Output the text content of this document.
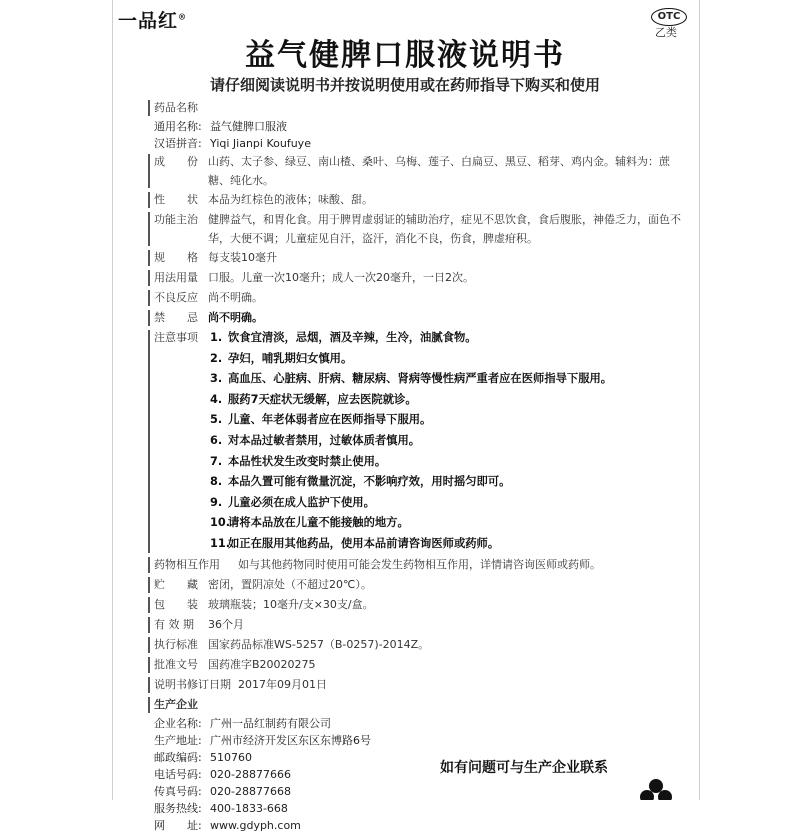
一品红®	OTC
乙类
益气健脾口服液说明书
请仔细阅读说明书并按说明使用或在药师指导下购买和使用
药品名称
通用名称: 益气健脾口服液
汉语拼音: Yiqi Jianpi Koufuye
成　　份 山药、太子参、绿豆、南山楂、桑叶、乌梅、莲子、白扁豆、黑豆、稻芽、鸡内金。辅料为：蔗糖、纯化水。
性　　状 本品为红棕色的液体；味酸、甜。
功能主治 健脾益气，和胃化食。用于脾胃虚弱证的辅助治疗，症见不思饮食，食后腹胀，神倦乏力，面色不华，大便不调；儿童症见自汗，盗汗，消化不良，伤食，脾虚疳积。
规　　格 每支装10毫升
用法用量 口服。儿童一次10毫升；成人一次20毫升，一日2次。
不良反应 尚不明确。
禁　　忌 尚不明确。
注意事项	1. 饮食宜清淡，忌烟，酒及辛辣，生冷，油腻食物。
2. 孕妇，哺乳期妇女慎用。
3. 高血压、心脏病、肝病、糖尿病、肾病等慢性病严重者应在医师指导下服用。
4. 服药7天症状无缓解，应去医院就诊。
5. 儿童、年老体弱者应在医师指导下服用。
6. 对本品过敏者禁用，过敏体质者慎用。
7. 本品性状发生改变时禁止使用。
8. 本品久置可能有微量沉淀，不影响疗效，用时摇匀即可。
9. 儿童必须在成人监护下使用。
10.请将本品放在儿童不能接触的地方。
11.如正在服用其他药品，使用本品前请咨询医师或药师。
药物相互作用	如与其他药物同时使用可能会发生药物相互作用，详情请咨询医师或药师。
贮　　藏 密闭，置阴凉处（不超过20℃）。
包　　装 玻璃瓶装；10毫升/支×30支/盒。
有 效 期	36个月
执行标准 国家药品标准WS-5257（B-0257)-2014Z。
批准文号 国药准字B20020275
说明书修订日期 2017年09月01日
生产企业
企业名称: 广州一品红制药有限公司
生产地址: 广州市经济开发区东区东博路6号
邮政编码: 510760
电话号码: 020-28877666
传真号码: 020-28877668
服务热线: 400-1833-668
网　　址: www.gdyph.com
如有问题可与生产企业联系
